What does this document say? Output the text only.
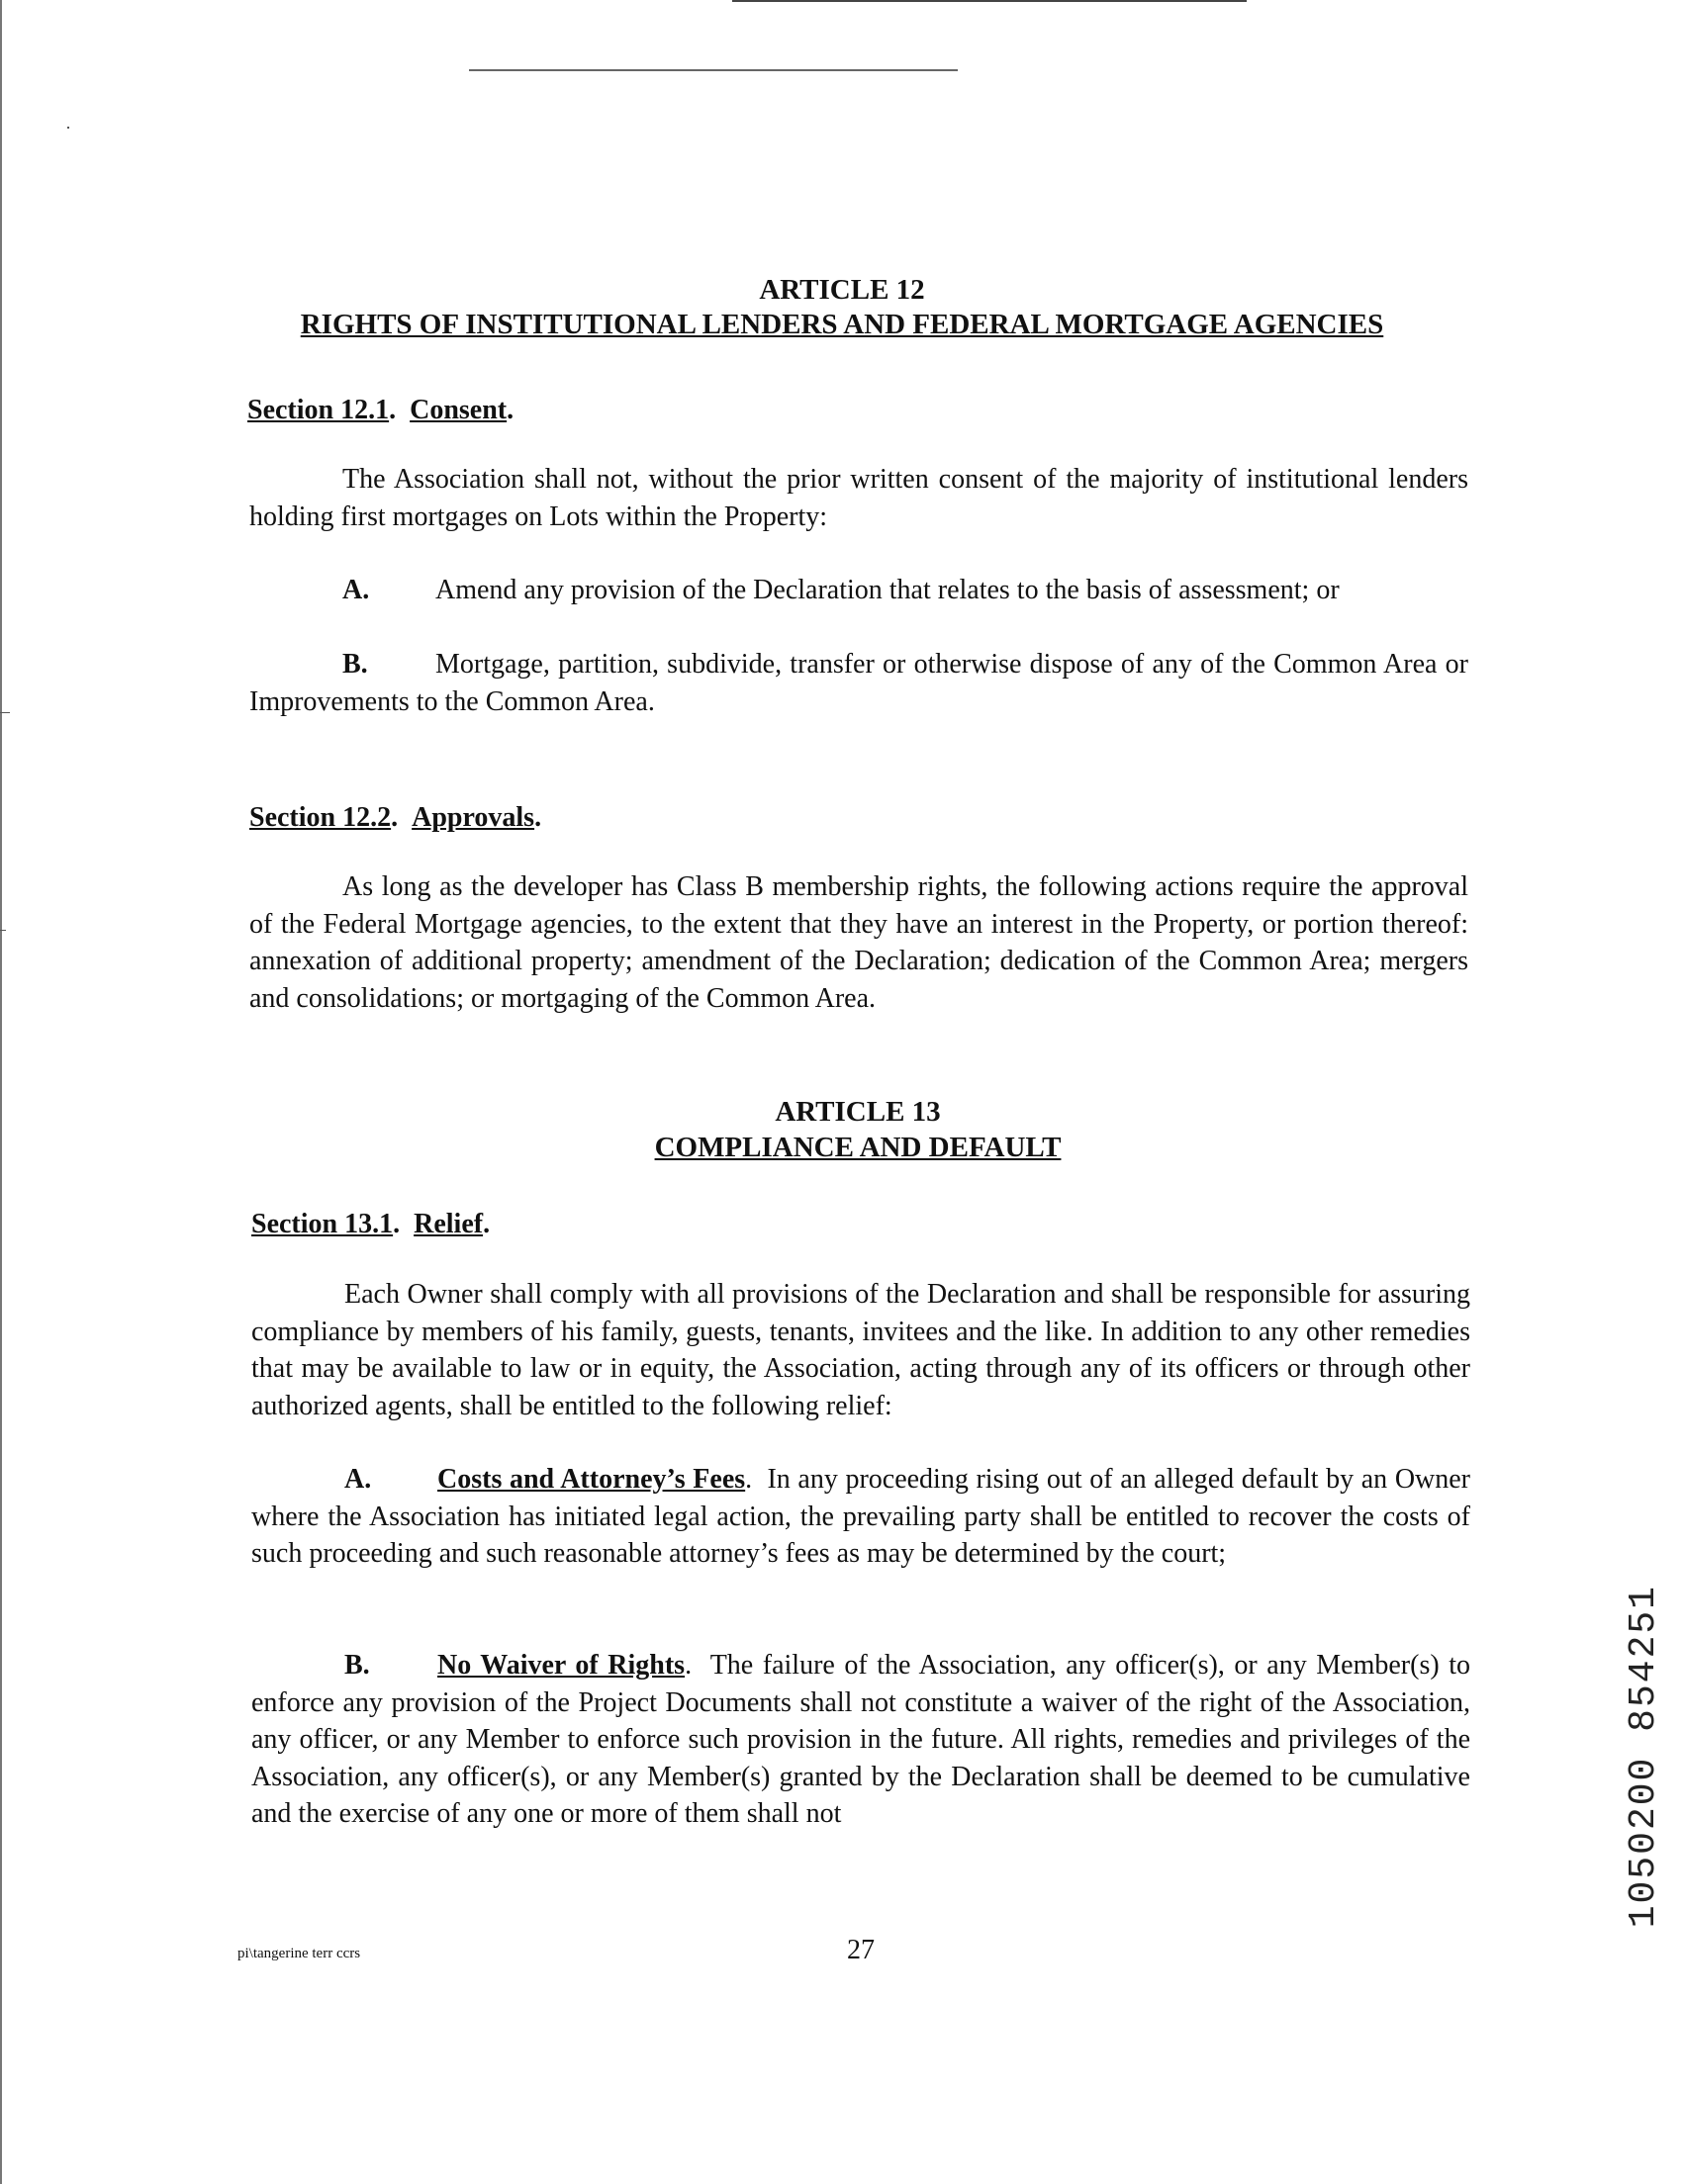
ARTICLE 12
RIGHTS OF INSTITUTIONAL LENDERS AND FEDERAL MORTGAGE AGENCIES

Section 12.1.  Consent.

The Association shall not, without the prior written consent of the majority of institutional lenders holding first mortgages on Lots within the Property:

A. Amend any provision of the Declaration that relates to the basis of assessment; or

B. Mortgage, partition, subdivide, transfer or otherwise dispose of any of the Common Area or Improvements to the Common Area.

Section 12.2.  Approvals.

As long as the developer has Class B membership rights, the following actions require the approval of the Federal Mortgage agencies, to the extent that they have an interest in the Property, or portion thereof: annexation of additional property; amendment of the Declaration; dedication of the Common Area; mergers and consolidations; or mortgaging of the Common Area.

ARTICLE 13
COMPLIANCE AND DEFAULT

Section 13.1.  Relief.

Each Owner shall comply with all provisions of the Declaration and shall be responsible for assuring compliance by members of his family, guests, tenants, invitees and the like. In addition to any other remedies that may be available to law or in equity, the Association, acting through any of its officers or through other authorized agents, shall be entitled to the following relief:

A. Costs and Attorney’s Fees.  In any proceeding rising out of an alleged default by an Owner where the Association has initiated legal action, the prevailing party shall be entitled to recover the costs of such proceeding and such reasonable attorney’s fees as may be determined by the court;

B. No Waiver of Rights.  The failure of the Association, any officer(s), or any Member(s) to enforce any provision of the Project Documents shall not constitute a waiver of the right of the Association, any officer, or any Member to enforce such provision in the future. All rights, remedies and privileges of the Association, any officer(s), or any Member(s) granted by the Declaration shall be deemed to be cumulative and the exercise of any one or more of them shall not

pi\tangerine terr ccrs	27

1050200 854251
